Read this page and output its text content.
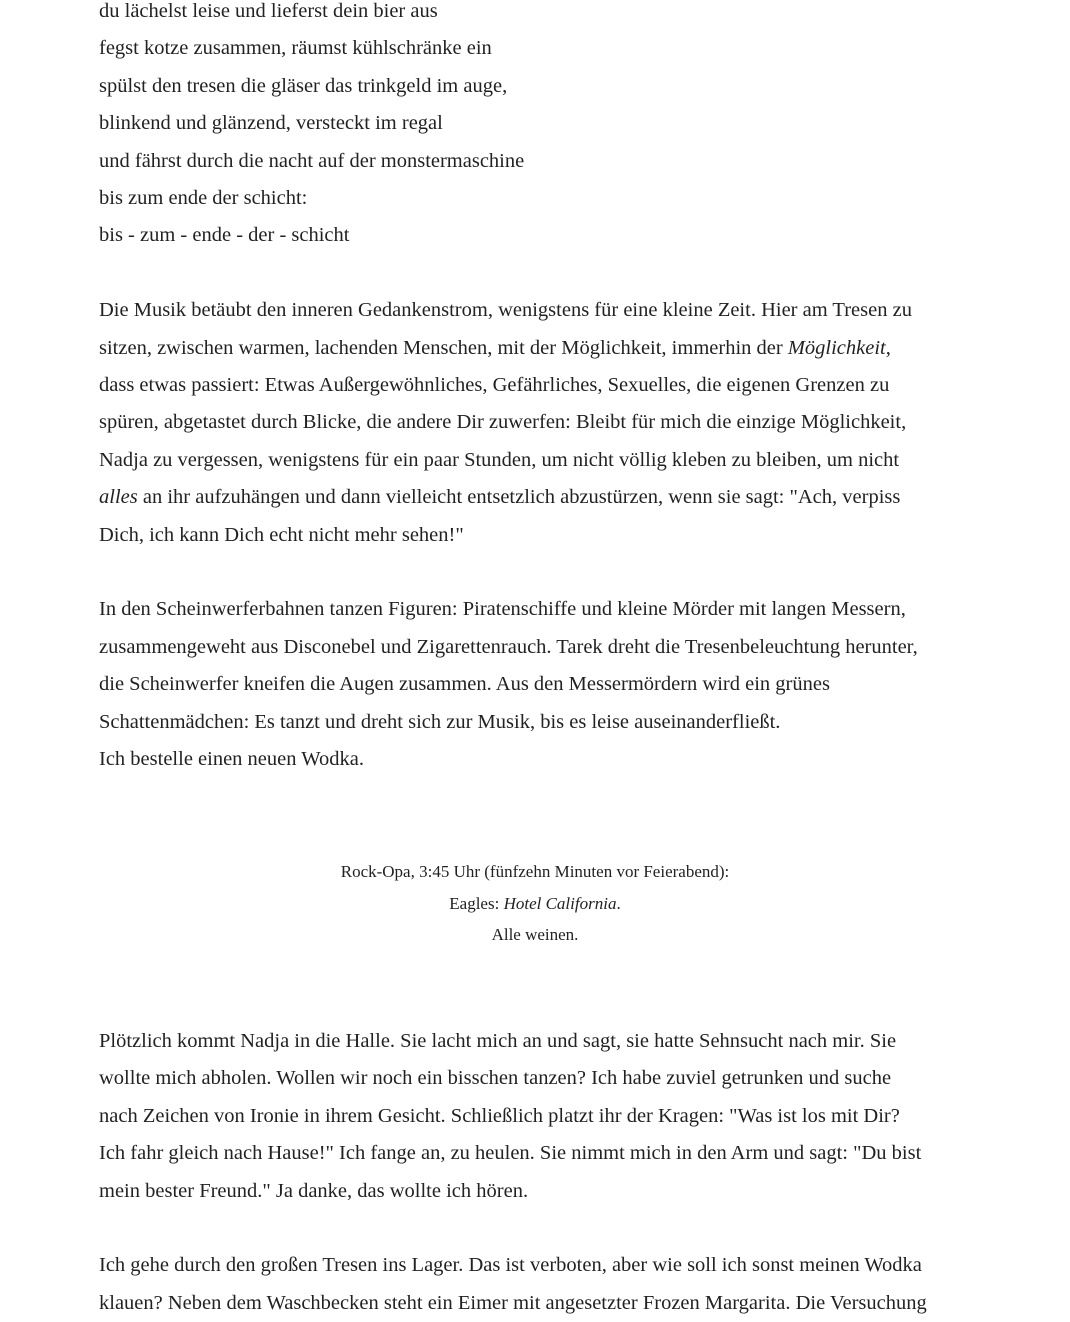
du lächelst leise und lieferst dein bier aus

fegst kotze zusammen, räumst kühlschränke ein

spülst den tresen die gläser das trinkgeld im auge,

blinkend und glänzend, versteckt im regal

und fährst durch die nacht auf der monstermaschine

bis zum ende der schicht:

bis - zum - ende - der - schicht

Die Musik betäubt den inneren Gedankenstrom, wenigstens für eine kleine Zeit. Hier am Tresen zu
sitzen, zwischen warmen, lachenden Menschen, mit der Möglichkeit, immerhin der Möglichkeit,
dass etwas passiert: Etwas Außergewöhnliches, Gefährliches, Sexuelles, die eigenen Grenzen zu
spüren, abgetastet durch Blicke, die andere Dir zuwerfen: Bleibt für mich die einzige Möglichkeit,
Nadja zu vergessen, wenigstens für ein paar Stunden, um nicht völlig kleben zu bleiben, um nicht
alles an ihr aufzuhängen und dann vielleicht entsetzlich abzustürzen, wenn sie sagt: "Ach, verpiss
Dich, ich kann Dich echt nicht mehr sehen!"

In den Scheinwerferbahnen tanzen Figuren: Piratenschiffe und kleine Mörder mit langen Messern,
zusammengeweht aus Disconebel und Zigarettenrauch. Tarek dreht die Tresenbeleuchtung herunter,
die Scheinwerfer kneifen die Augen zusammen. Aus den Messermördern wird ein grünes
Schattenmädchen: Es tanzt und dreht sich zur Musik, bis es leise auseinanderfließt.
Ich bestelle einen neuen Wodka.

Rock-Opa, 3:45 Uhr (fünfzehn Minuten vor Feierabend):
Eagles: Hotel California.
Alle weinen.

Plötzlich kommt Nadja in die Halle. Sie lacht mich an und sagt, sie hatte Sehnsucht nach mir. Sie
wollte mich abholen. Wollen wir noch ein bisschen tanzen? Ich habe zuviel getrunken und suche
nach Zeichen von Ironie in ihrem Gesicht. Schließlich platzt ihr der Kragen: "Was ist los mit Dir?
Ich fahr gleich nach Hause!" Ich fange an, zu heulen. Sie nimmt mich in den Arm und sagt: "Du bist
mein bester Freund." Ja danke, das wollte ich hören.

Ich gehe durch den großen Tresen ins Lager. Das ist verboten, aber wie soll ich sonst meinen Wodka
klauen? Neben dem Waschbecken steht ein Eimer mit angesetzter Frozen Margarita. Die Versuchung
